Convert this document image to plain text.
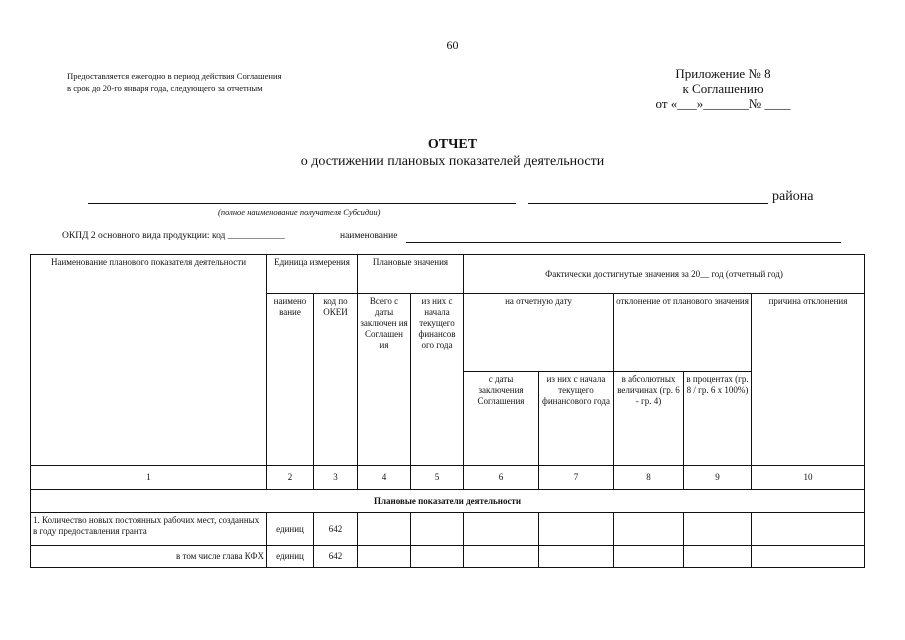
60
Предоставляется ежегодно в период действия Соглашения
в срок до 20-го января года, следующего за отчетным
Приложение № 8
к Соглашению
от «___»_______№ ____
ОТЧЕТ
о достижении плановых показателей деятельности
района
(полное наименование получателя Субсидии)
ОКПД 2 основного вида продукции: код ____________	наименование
Наименование планового показателя деятельности	Единица измерения		Плановые значения		Фактически достигнутые значения за 20__ год (отчетный год)				
	наимено вание	код по ОКЕИ	Всего с даты заключен ия Соглашен ия	из них с начала текущего финансов ого года	на отчетную дату		отклонение от планового значения		причина отклонения
					с даты заключения Соглашения	из них с начала текущего финансового года	в абсолютных величинах (гр. 6 - гр. 4)	в процентах (гр. 8 / гр. 6 х 100%)	
1	2	3	4	5	6	7	8	9	10
Плановые показатели деятельности									
1. Количество новых постоянных рабочих мест, созданных в году предоставления гранта	единиц	642							
в том числе глава КФХ	единиц	642							
